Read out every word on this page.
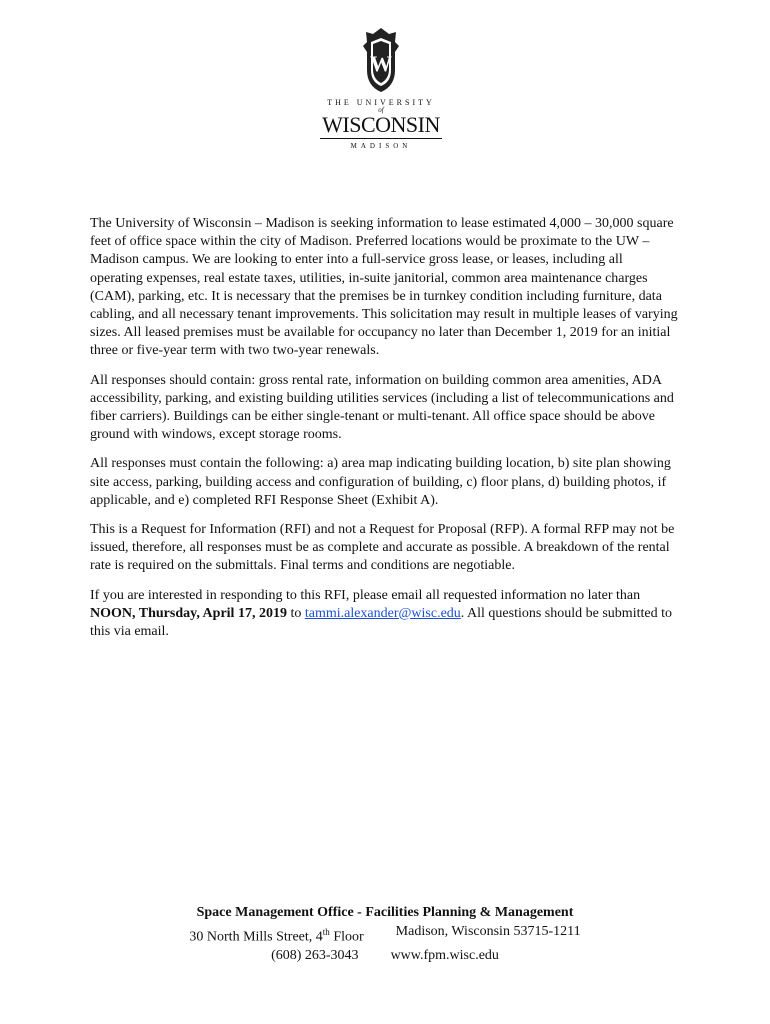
W
THE UNIVERSITY
of
WISCONSIN
MADISON

The University of Wisconsin – Madison is seeking information to lease estimated 4,000 – 30,000 square feet of office space within the city of Madison. Preferred locations would be proximate to the UW – Madison campus. We are looking to enter into a full-service gross lease, or leases, including all operating expenses, real estate taxes, utilities, in-suite janitorial, common area maintenance charges (CAM), parking, etc. It is necessary that the premises be in turnkey condition including furniture, data cabling, and all necessary tenant improvements. This solicitation may result in multiple leases of varying sizes. All leased premises must be available for occupancy no later than December 1, 2019 for an initial three or five-year term with two two-year renewals.

All responses should contain: gross rental rate, information on building common area amenities, ADA accessibility, parking, and existing building utilities services (including a list of telecommunications and fiber carriers). Buildings can be either single-tenant or multi-tenant. All office space should be above ground with windows, except storage rooms.

All responses must contain the following: a) area map indicating building location, b) site plan showing site access, parking, building access and configuration of building, c) floor plans, d) building photos, if applicable, and e) completed RFI Response Sheet (Exhibit A).

This is a Request for Information (RFI) and not a Request for Proposal (RFP). A formal RFP may not be issued, therefore, all responses must be as complete and accurate as possible. A breakdown of the rental rate is required on the submittals. Final terms and conditions are negotiable.

If you are interested in responding to this RFI, please email all requested information no later than NOON, Thursday, April 17, 2019 to tammi.alexander@wisc.edu. All questions should be submitted to this via email.

Space Management Office - Facilities Planning & Management
30 North Mills Street, 4th Floor Madison, Wisconsin 53715-1211
(608) 263-3043 www.fpm.wisc.edu
